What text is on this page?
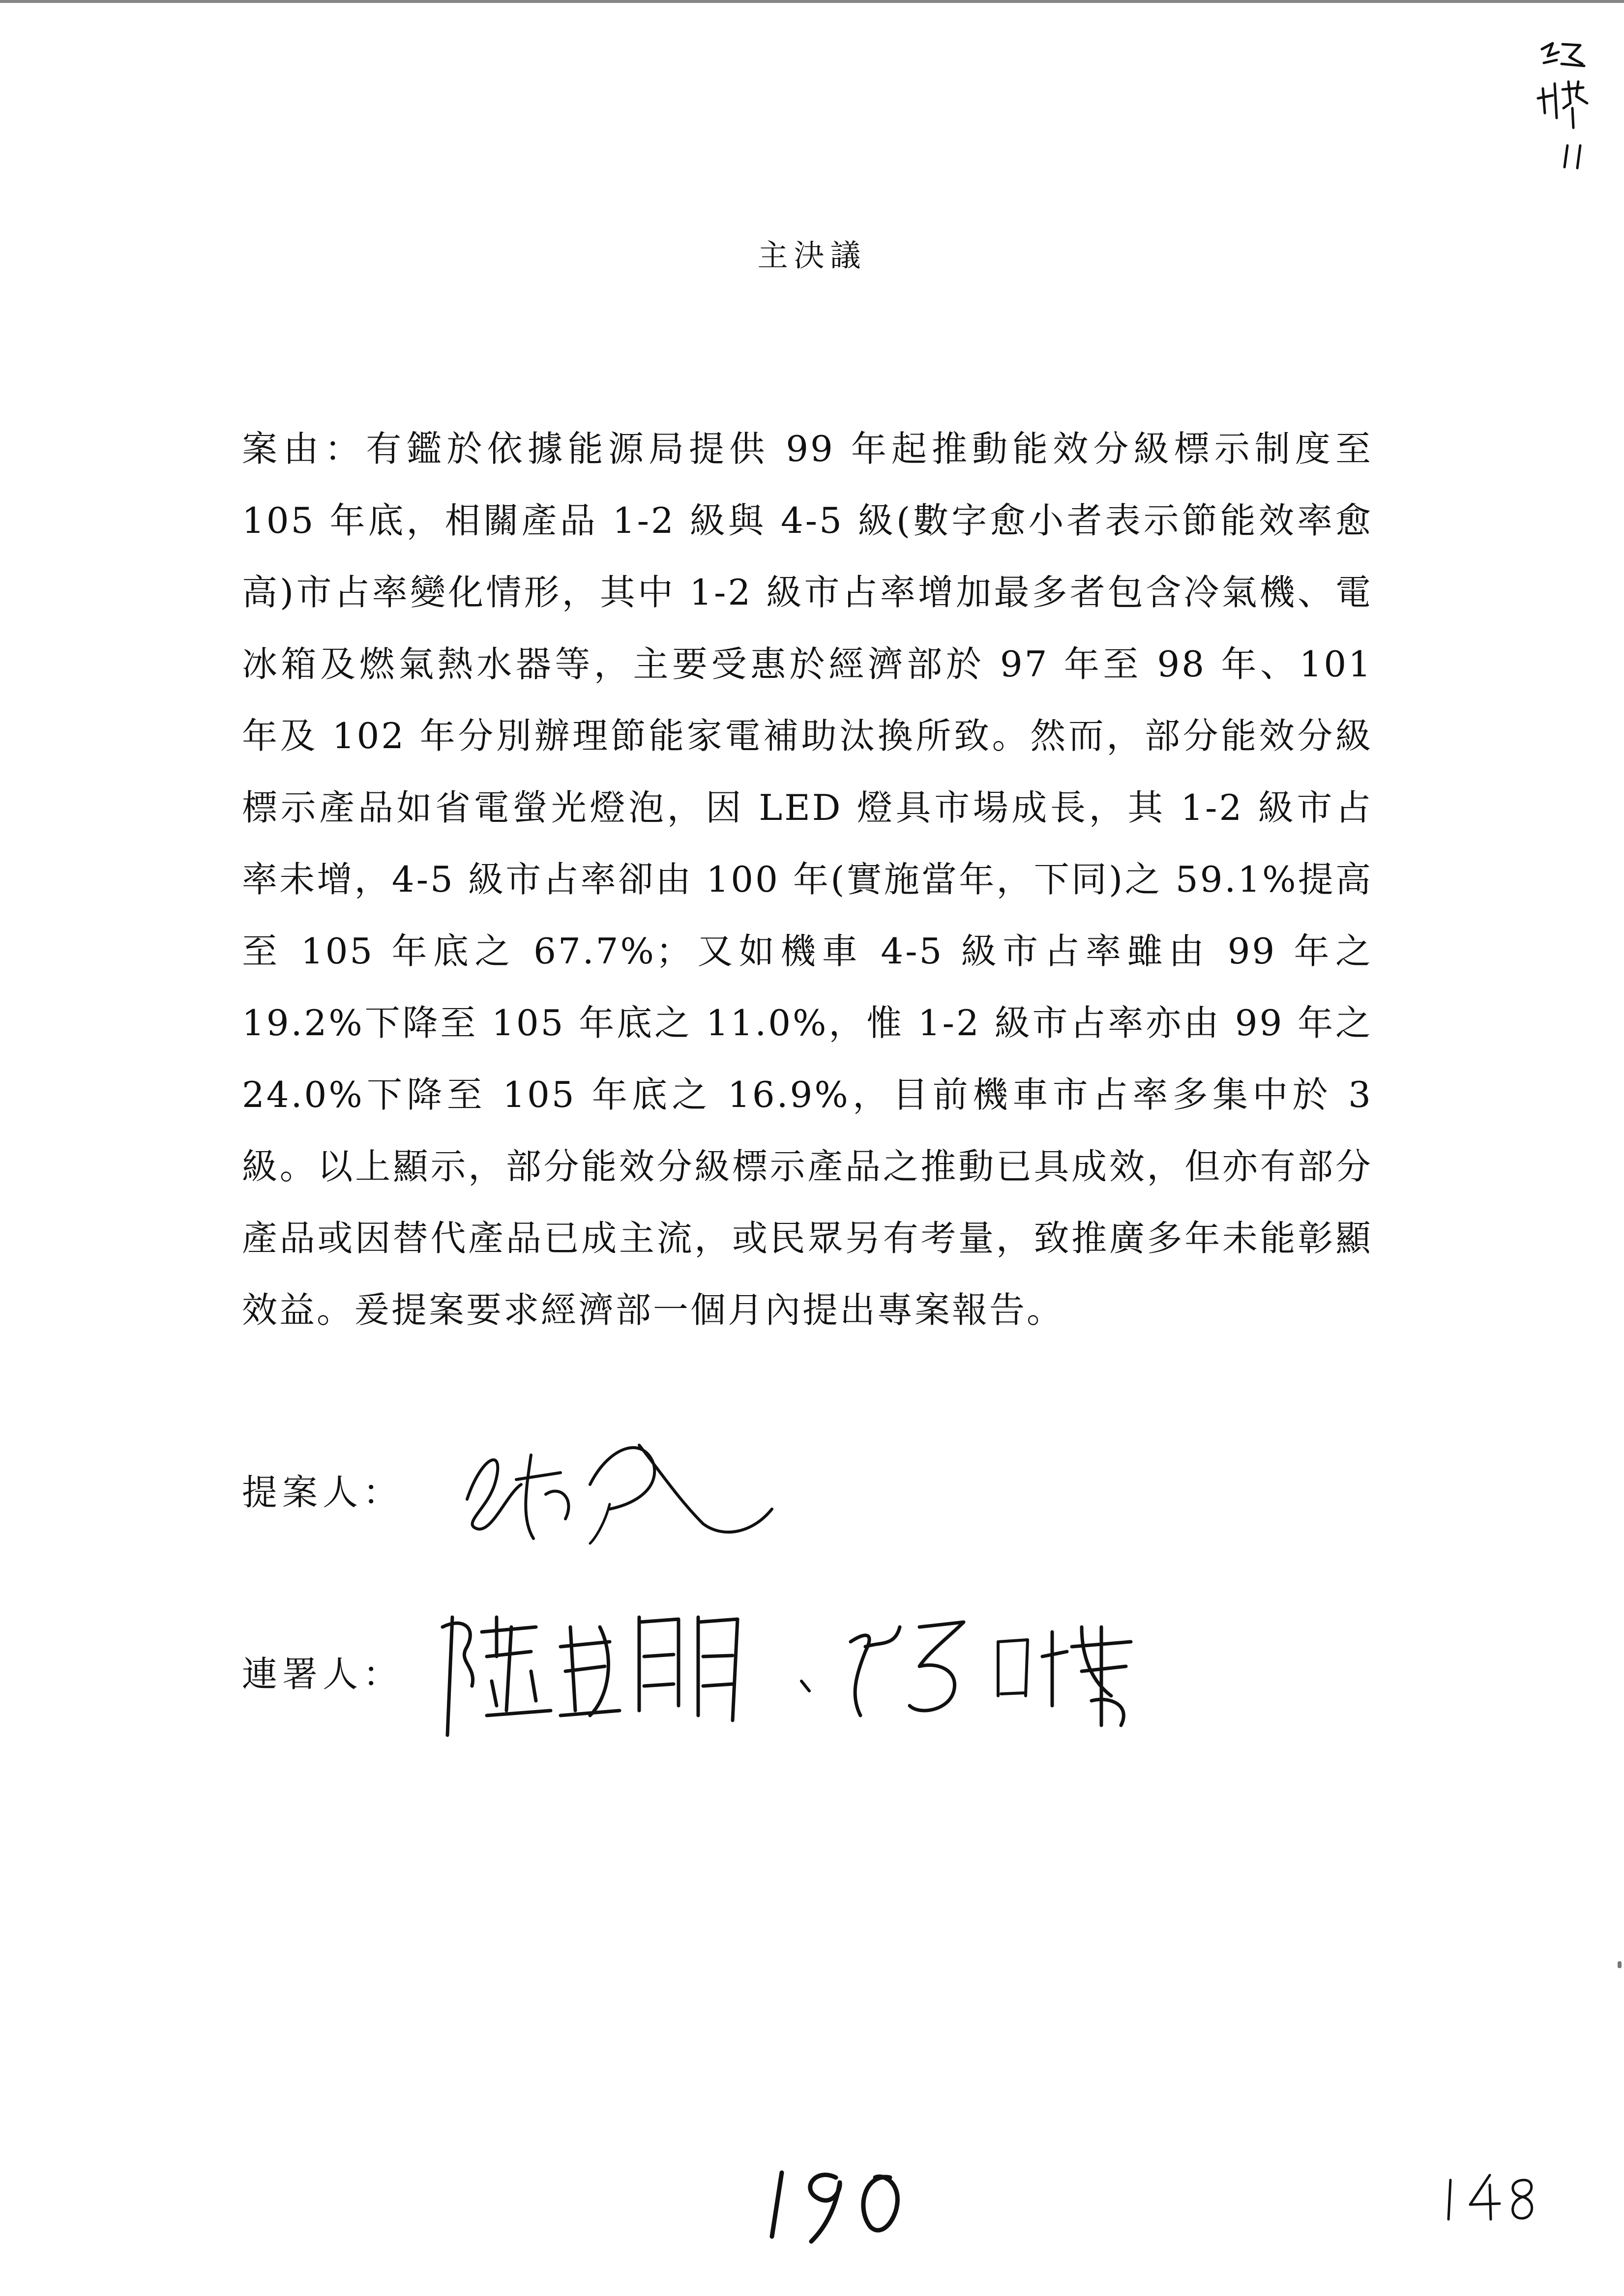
主決議

案由：有鑑於依據能源局提供 99 年起推動能效分級標示制度至 105 年底，相關產品 1-2 級與 4-5 級(數字愈小者表示節能效率愈高)市占率變化情形，其中 1-2 級市占率增加最多者包含冷氣機、電冰箱及燃氣熱水器等，主要受惠於經濟部於 97 年至 98 年、101 年及 102 年分別辦理節能家電補助汰換所致。然而，部分能效分級標示產品如省電螢光燈泡，因 LED 燈具市場成長，其 1-2 級市占率未增，4-5 級市占率卻由 100 年(實施當年，下同)之 59.1%提高至 105 年底之 67.7%；又如機車 4-5 級市占率雖由 99 年之 19.2%下降至 105 年底之 11.0%，惟 1-2 級市占率亦由 99 年之 24.0%下降至 105 年底之 16.9%，目前機車市占率多集中於 3 級。以上顯示，部分能效分級標示產品之推動已具成效，但亦有部分產品或因替代產品已成主流，或民眾另有考量，致推廣多年未能彰顯效益。爰提案要求經濟部一個月內提出專案報告。

提案人：
連署人：
